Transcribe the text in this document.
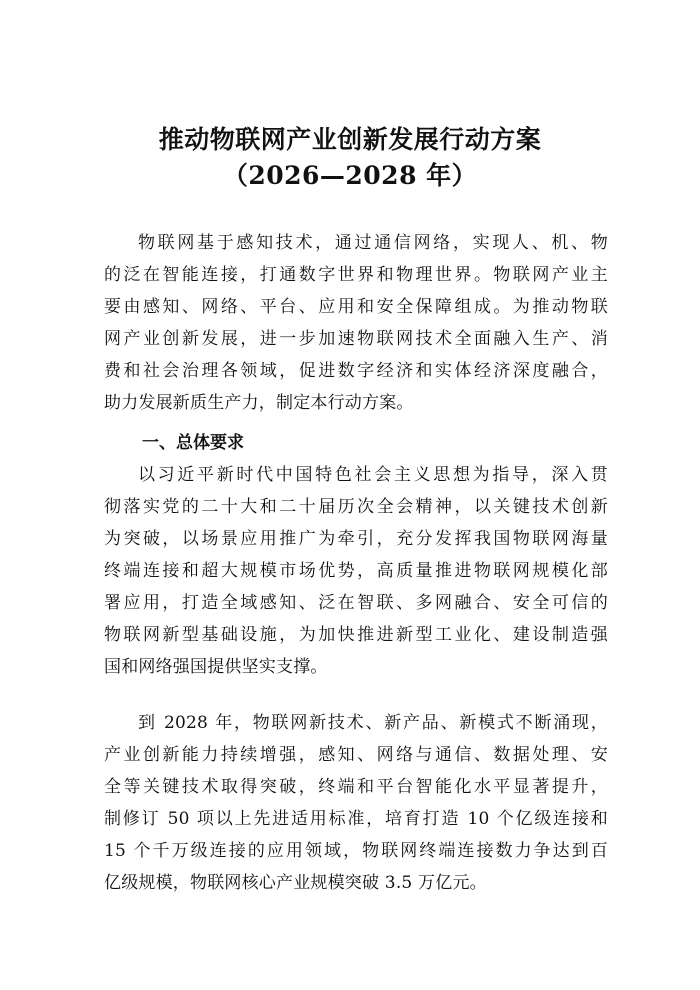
推动物联网产业创新发展行动方案
（2026—2028 年）
物联网基于感知技术，通过通信网络，实现人、机、物
的泛在智能连接，打通数字世界和物理世界。物联网产业主
要由感知、网络、平台、应用和安全保障组成。为推动物联
网产业创新发展，进一步加速物联网技术全面融入生产、消
费和社会治理各领域，促进数字经济和实体经济深度融合，
助力发展新质生产力，制定本行动方案。
一、总体要求
以习近平新时代中国特色社会主义思想为指导，深入贯
彻落实党的二十大和二十届历次全会精神，以关键技术创新
为突破，以场景应用推广为牵引，充分发挥我国物联网海量
终端连接和超大规模市场优势，高质量推进物联网规模化部
署应用，打造全域感知、泛在智联、多网融合、安全可信的
物联网新型基础设施，为加快推进新型工业化、建设制造强
国和网络强国提供坚实支撑。
到 2028 年，物联网新技术、新产品、新模式不断涌现，
产业创新能力持续增强，感知、网络与通信、数据处理、安
全等关键技术取得突破，终端和平台智能化水平显著提升，
制修订 50 项以上先进适用标准，培育打造 10 个亿级连接和
15 个千万级连接的应用领域，物联网终端连接数力争达到百
亿级规模，物联网核心产业规模突破 3.5 万亿元。
